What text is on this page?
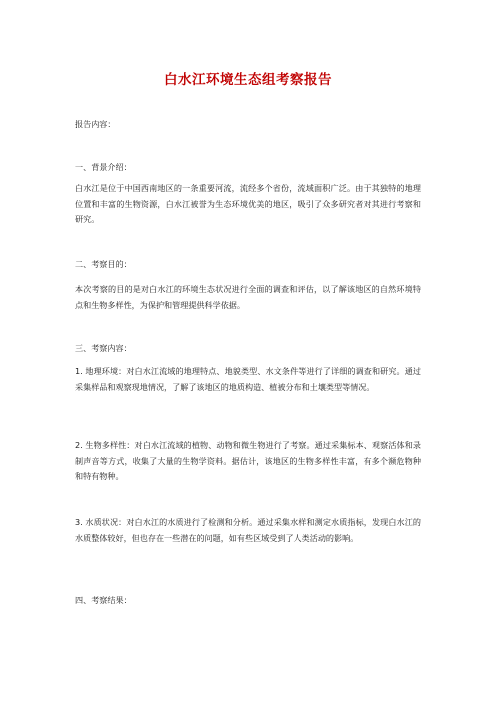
白水江环境生态组考察报告
报告内容：
一、背景介绍：
白水江是位于中国西南地区的一条重要河流，流经多个省份，流域面积广泛。由于其独特的地理位置和丰富的生物资源，白水江被誉为生态环境优美的地区，吸引了众多研究者对其进行考察和研究。
二、考察目的：
本次考察的目的是对白水江的环境生态状况进行全面的调查和评估，以了解该地区的自然环境特点和生物多样性，为保护和管理提供科学依据。
三、考察内容：
1. 地理环境：对白水江流域的地理特点、地貌类型、水文条件等进行了详细的调查和研究。通过采集样品和观察现地情况，了解了该地区的地质构造、植被分布和土壤类型等情况。
2. 生物多样性：对白水江流域的植物、动物和微生物进行了考察。通过采集标本、观察活体和录制声音等方式，收集了大量的生物学资料。据估计，该地区的生物多样性丰富，有多个濒危物种和特有物种。
3. 水质状况：对白水江的水质进行了检测和分析。通过采集水样和测定水质指标，发现白水江的水质整体较好，但也存在一些潜在的问题，如有些区域受到了人类活动的影响。
四、考察结果：
